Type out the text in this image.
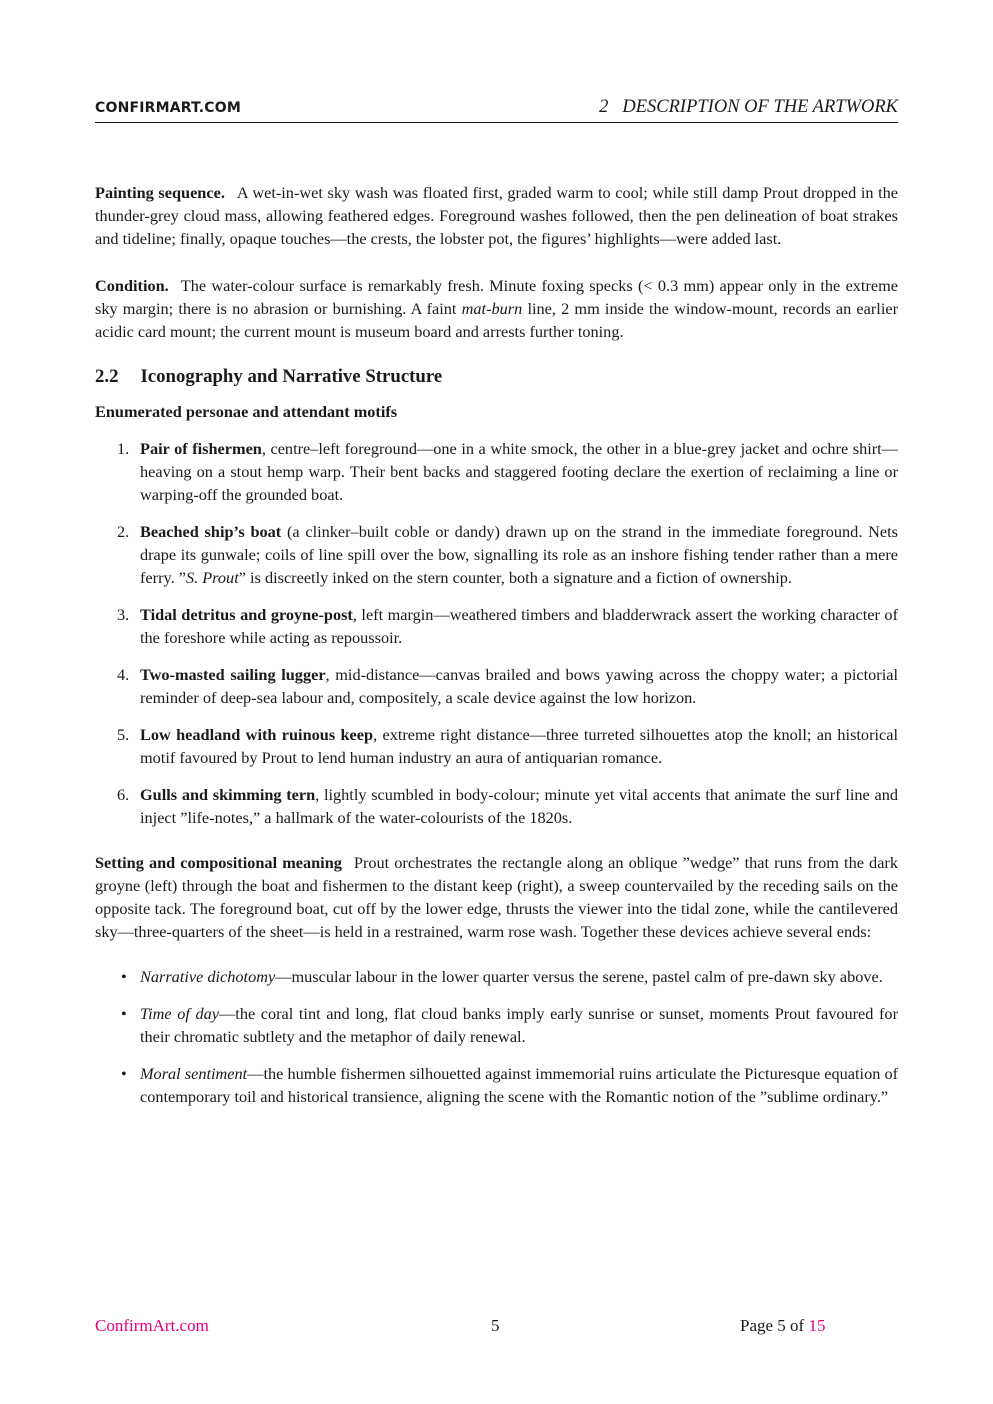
CONFIRMART.COM	2 DESCRIPTION OF THE ARTWORK

Painting sequence. A wet-in-wet sky wash was floated first, graded warm to cool; while still damp Prout dropped in the thunder-grey cloud mass, allowing feathered edges. Foreground washes followed, then the pen delineation of boat strakes and tideline; finally, opaque touches—the crests, the lobster pot, the figures’ highlights—were added last.

Condition. The water-colour surface is remarkably fresh. Minute foxing specks (< 0.3 mm) appear only in the extreme sky margin; there is no abrasion or burnishing. A faint mat-burn line, 2 mm inside the window-mount, records an earlier acidic card mount; the current mount is museum board and arrests further toning.

2.2 Iconography and Narrative Structure
Enumerated personae and attendant motifs
1. Pair of fishermen, centre–left foreground—one in a white smock, the other in a blue-grey jacket and ochre shirt—heaving on a stout hemp warp. Their bent backs and staggered footing declare the exertion of reclaiming a line or warping-off the grounded boat.
2. Beached ship’s boat (a clinker–built coble or dandy) drawn up on the strand in the immediate foreground. Nets drape its gunwale; coils of line spill over the bow, signalling its role as an inshore fishing tender rather than a mere ferry. ”S. Prout” is discreetly inked on the stern counter, both a signature and a fiction of ownership.
3. Tidal detritus and groyne-post, left margin—weathered timbers and bladderwrack assert the working character of the foreshore while acting as repoussoir.
4. Two-masted sailing lugger, mid-distance—canvas brailed and bows yawing across the choppy water; a pictorial reminder of deep-sea labour and, compositely, a scale device against the low horizon.
5. Low headland with ruinous keep, extreme right distance—three turreted silhouettes atop the knoll; an historical motif favoured by Prout to lend human industry an aura of antiquarian romance.
6. Gulls and skimming tern, lightly scumbled in body-colour; minute yet vital accents that animate the surf line and inject ”life-notes,” a hallmark of the water-colourists of the 1820s.

Setting and compositional meaning Prout orchestrates the rectangle along an oblique ”wedge” that runs from the dark groyne (left) through the boat and fishermen to the distant keep (right), a sweep countervailed by the receding sails on the opposite tack. The foreground boat, cut off by the lower edge, thrusts the viewer into the tidal zone, while the cantilevered sky—three-quarters of the sheet—is held in a restrained, warm rose wash. Together these devices achieve several ends:

• Narrative dichotomy—muscular labour in the lower quarter versus the serene, pastel calm of pre-dawn sky above.
• Time of day—the coral tint and long, flat cloud banks imply early sunrise or sunset, moments Prout favoured for their chromatic subtlety and the metaphor of daily renewal.
• Moral sentiment—the humble fishermen silhouetted against immemorial ruins articulate the Picturesque equation of contemporary toil and historical transience, aligning the scene with the Romantic notion of the ”sublime ordinary.”
ConfirmArt.com	5	Page 5 of 15
